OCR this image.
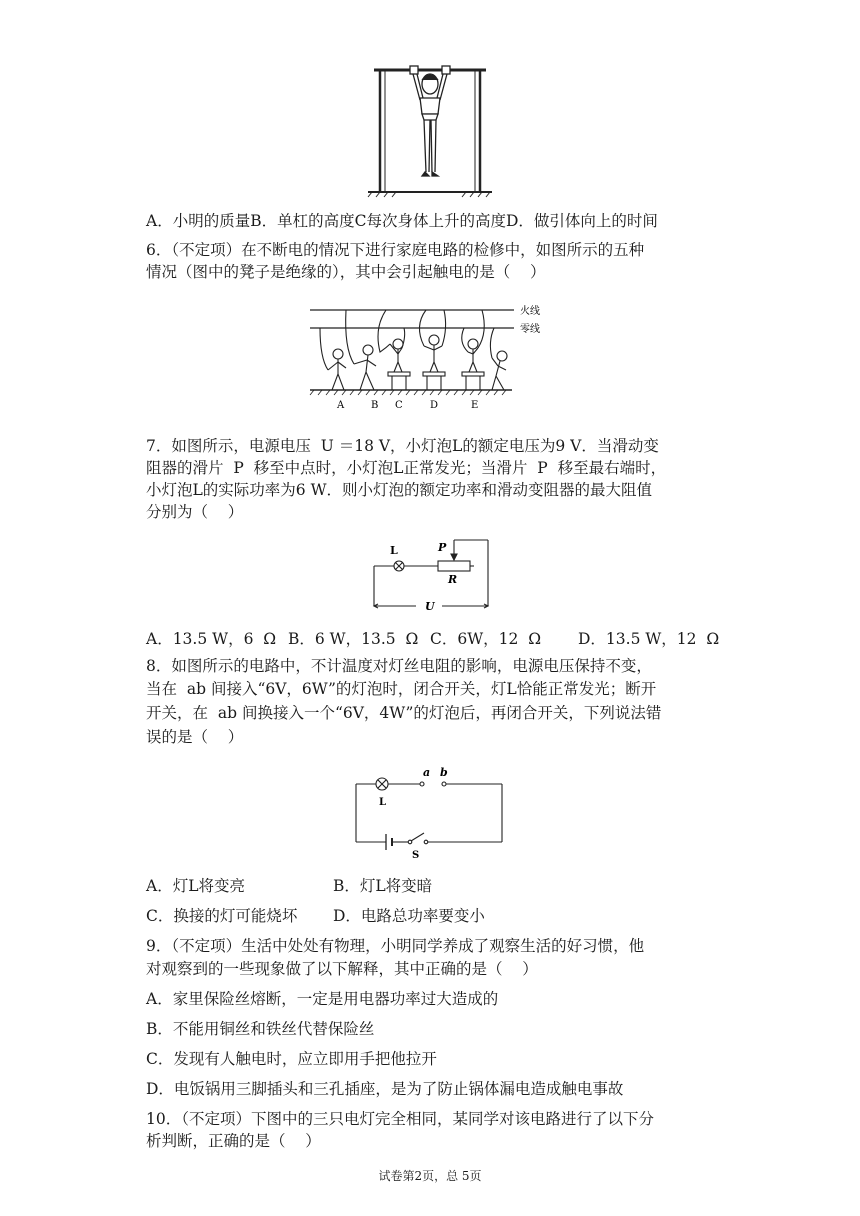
A．小明的质量B．单杠的高度C每次身体上升的高度D．做引体向上的时间
6．（不定项）在不断电的情况下进行家庭电路的检修中，如图所示的五种
情况（图中的凳子是绝缘的），其中会引起触电的是（    ）
火线
零线
A	B C	D	E
7．如图所示，电源电压  U ＝18 V，小灯泡L的额定电压为9 V．当滑动变
阻器的滑片  P  移至中点时，小灯泡L正常发光；当滑片  P  移至最右端时，
小灯泡L的实际功率为6 W．则小灯泡的额定功率和滑动变阻器的最大阻值
分别为（    ）
L	P
R
U
A．13.5 W，6  Ω B．6 W，13.5  Ω C．6W，12  Ω D．13.5 W，12  Ω
8．如图所示的电路中，不计温度对灯丝电阻的影响，电源电压保持不变，
当在  ab 间接入“6V，6W”的灯泡时，闭合开关，灯L恰能正常发光；断开
开关，在  ab 间换接入一个“6V，4W”的灯泡后，再闭合开关，下列说法错
误的是（    ）
a b
L
S
A．灯L将变亮	B．灯L将变暗
C．换接的灯可能烧坏 D．电路总功率要变小
9．（不定项）生活中处处有物理，小明同学养成了观察生活的好习惯，他
对观察到的一些现象做了以下解释，其中正确的是（    ）
A．家里保险丝熔断，一定是用电器功率过大造成的
B．不能用铜丝和铁丝代替保险丝
C．发现有人触电时，应立即用手把他拉开
D．电饭锅用三脚插头和三孔插座，是为了防止锅体漏电造成触电事故
10．（不定项）下图中的三只电灯完全相同，某同学对该电路进行了以下分
析判断，正确的是（    ）
试卷第2页，总 5页
